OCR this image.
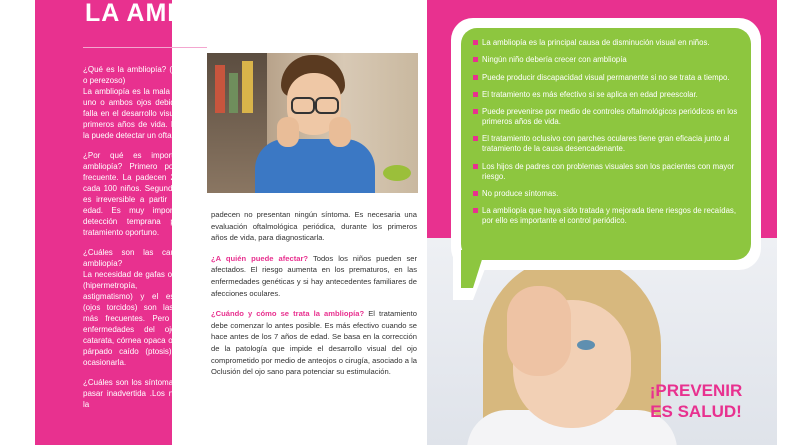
LA AMBLIOPÍA.

¿Qué es la ambliopía? (Ojo vago o perezoso)
La ambliopía es la mala visión de uno o ambos ojos debido a una falla en el desarrollo visual en los primeros años de vida. Esta falla la puede detectar un oftalmólogo.

¿Por qué es importante la ambliopía? Primero porque es frecuente. La padecen 2 a 3 de cada 100 niños. Segundo porque es irreversible a partir de cierta edad. Es muy importante la detección temprana para un tratamiento oportuno.

¿Cuáles son las causas de ambliopía?
La necesidad de gafas o anteojos (hipermetropía, miopía, astigmatismo) y el estrabismo (ojos torcidos) son las causas más frecuentes. Pero también enfermedades del ojo como catarata, córnea opaca o “nube” y párpado caído (ptosis) pueden ocasionarla.

¿Cuáles son los síntomas? Suele pasar inadvertida .Los niños que la

padecen no presentan ningún síntoma. Es necesaria una evaluación oftalmológica periódica, durante los primeros años de vida, para diagnosticarla.

¿A quién puede afectar? Todos los niños pueden ser afectados. El riesgo aumenta en los prematuros, en las enfermedades genéticas y si hay antecedentes familiares de afecciones oculares.

¿Cuándo y cómo se trata la ambliopía? El tratamiento debe comenzar lo antes posible. Es más efectivo cuando se hace antes de los 7 años de edad. Se basa en la corrección de la patología que impide el desarrollo visual del ojo comprometido por medio de anteojos o cirugía, asociado a la Oclusión del ojo sano para potenciar su estimulación.

La ambliopía es la principal causa de disminución visual en niños.
Ningún niño debería crecer con ambliopía
Puede producir discapacidad visual permanente si no se trata a tiempo.
El tratamiento es más efectivo si se aplica en edad preescolar.
Puede prevenirse por medio de controles oftalmológicos periódicos en los primeros años de vida.
El tratamiento oclusivo con parches oculares tiene gran eficacia junto al tratamiento de la causa desencadenante.
Los hijos de padres con problemas visuales son los pacientes con mayor riesgo.
No produce síntomas.
La ambliopía que haya sido tratada y mejorada tiene riesgos de recaídas, por ello es importante el control periódico.
¡PREVENIR
ES SALUD!
